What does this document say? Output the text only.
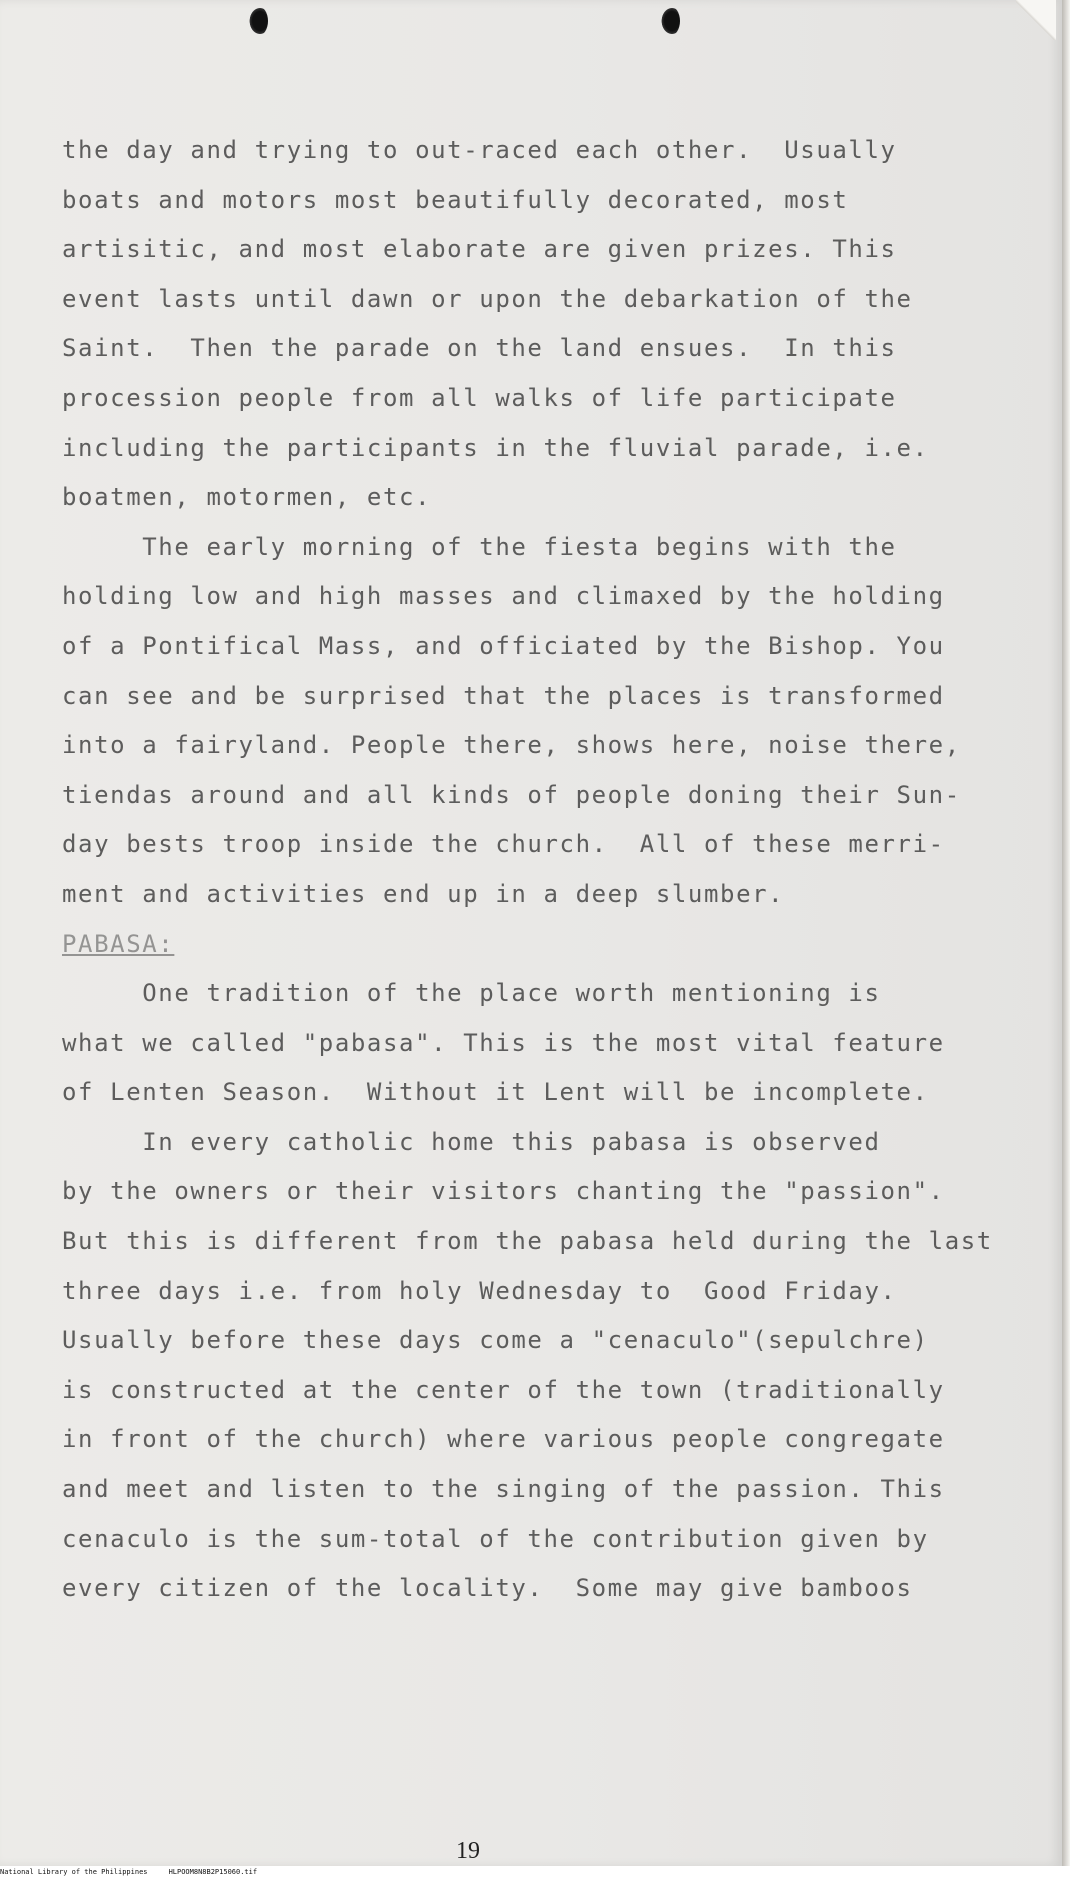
the day and trying to out-raced each other.  Usually
boats and motors most beautifully decorated, most
artisitic, and most elaborate are given prizes. This
event lasts until dawn or upon the debarkation of the
Saint.  Then the parade on the land ensues.  In this
procession people from all walks of life participate
including the participants in the fluvial parade, i.e.
boatmen, motormen, etc.
The early morning of the fiesta begins with the
holding low and high masses and climaxed by the holding
of a Pontifical Mass, and officiated by the Bishop. You
can see and be surprised that the places is transformed
into a fairyland. People there, shows here, noise there,
tiendas around and all kinds of people doning their Sun-
day bests troop inside the church.  All of these merri-
ment and activities end up in a deep slumber.
PABASA:
One tradition of the place worth mentioning is
what we called "pabasa". This is the most vital feature
of Lenten Season.  Without it Lent will be incomplete.
In every catholic home this pabasa is observed
by the owners or their visitors chanting the "passion".
But this is different from the pabasa held during the last
three days i.e. from holy Wednesday to  Good Friday.
Usually before these days come a "cenaculo"(sepulchre)
is constructed at the center of the town (traditionally
in front of the church) where various people congregate
and meet and listen to the singing of the passion. This
cenaculo is the sum-total of the contribution given by
every citizen of the locality.  Some may give bamboos
19
National Library of the Philippines     HLPOOM8N8B2P15060.tif
